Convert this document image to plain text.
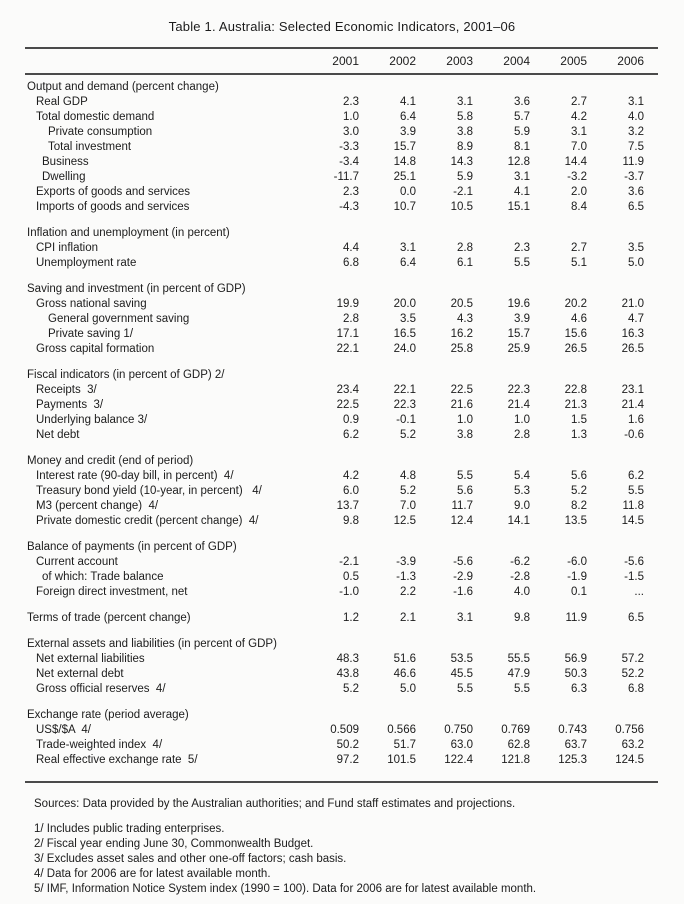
Table 1. Australia: Selected Economic Indicators, 2001–06
2001	2002	2003	2004	2005	2006
Output and demand (percent change)
Real GDP	2.3	4.1	3.1	3.6	2.7	3.1
Total domestic demand	1.0	6.4	5.8	5.7	4.2	4.0
Private consumption	3.0	3.9	3.8	5.9	3.1	3.2
Total investment	-3.3	15.7	8.9	8.1	7.0	7.5
Business	-3.4	14.8	14.3	12.8	14.4	11.9
Dwelling	-11.7	25.1	5.9	3.1	-3.2	-3.7
Exports of goods and services	2.3	0.0	-2.1	4.1	2.0	3.6
Imports of goods and services	-4.3	10.7	10.5	15.1	8.4	6.5
Inflation and unemployment (in percent)
CPI inflation	4.4	3.1	2.8	2.3	2.7	3.5
Unemployment rate	6.8	6.4	6.1	5.5	5.1	5.0
Saving and investment (in percent of GDP)
Gross national saving	19.9	20.0	20.5	19.6	20.2	21.0
General government saving	2.8	3.5	4.3	3.9	4.6	4.7
Private saving 1/	17.1	16.5	16.2	15.7	15.6	16.3
Gross capital formation	22.1	24.0	25.8	25.9	26.5	26.5
Fiscal indicators (in percent of GDP) 2/
Receipts  3/	23.4	22.1	22.5	22.3	22.8	23.1
Payments  3/	22.5	22.3	21.6	21.4	21.3	21.4
Underlying balance 3/	0.9	-0.1	1.0	1.0	1.5	1.6
Net debt	6.2	5.2	3.8	2.8	1.3	-0.6
Money and credit (end of period)
Interest rate (90-day bill, in percent)  4/	4.2	4.8	5.5	5.4	5.6	6.2
Treasury bond yield (10-year, in percent)   4/	6.0	5.2	5.6	5.3	5.2	5.5
M3 (percent change)  4/	13.7	7.0	11.7	9.0	8.2	11.8
Private domestic credit (percent change)  4/	9.8	12.5	12.4	14.1	13.5	14.5
Balance of payments (in percent of GDP)
Current account	-2.1	-3.9	-5.6	-6.2	-6.0	-5.6
of which: Trade balance	0.5	-1.3	-2.9	-2.8	-1.9	-1.5
Foreign direct investment, net	-1.0	2.2	-1.6	4.0	0.1	...
Terms of trade (percent change)	1.2	2.1	3.1	9.8	11.9	6.5
External assets and liabilities (in percent of GDP)
Net external liabilities	48.3	51.6	53.5	55.5	56.9	57.2
Net external debt	43.8	46.6	45.5	47.9	50.3	52.2
Gross official reserves  4/	5.2	5.0	5.5	5.5	6.3	6.8
Exchange rate (period average)
US$/$A  4/	0.509	0.566	0.750	0.769	0.743	0.756
Trade-weighted index  4/	50.2	51.7	63.0	62.8	63.7	63.2
Real effective exchange rate  5/	97.2	101.5	122.4	121.8	125.3	124.5
Sources: Data provided by the Australian authorities; and Fund staff estimates and projections.
1/ Includes public trading enterprises.
2/ Fiscal year ending June 30, Commonwealth Budget.
3/ Excludes asset sales and other one-off factors; cash basis.
4/ Data for 2006 are for latest available month.
5/ IMF, Information Notice System index (1990 = 100). Data for 2006 are for latest available month.
